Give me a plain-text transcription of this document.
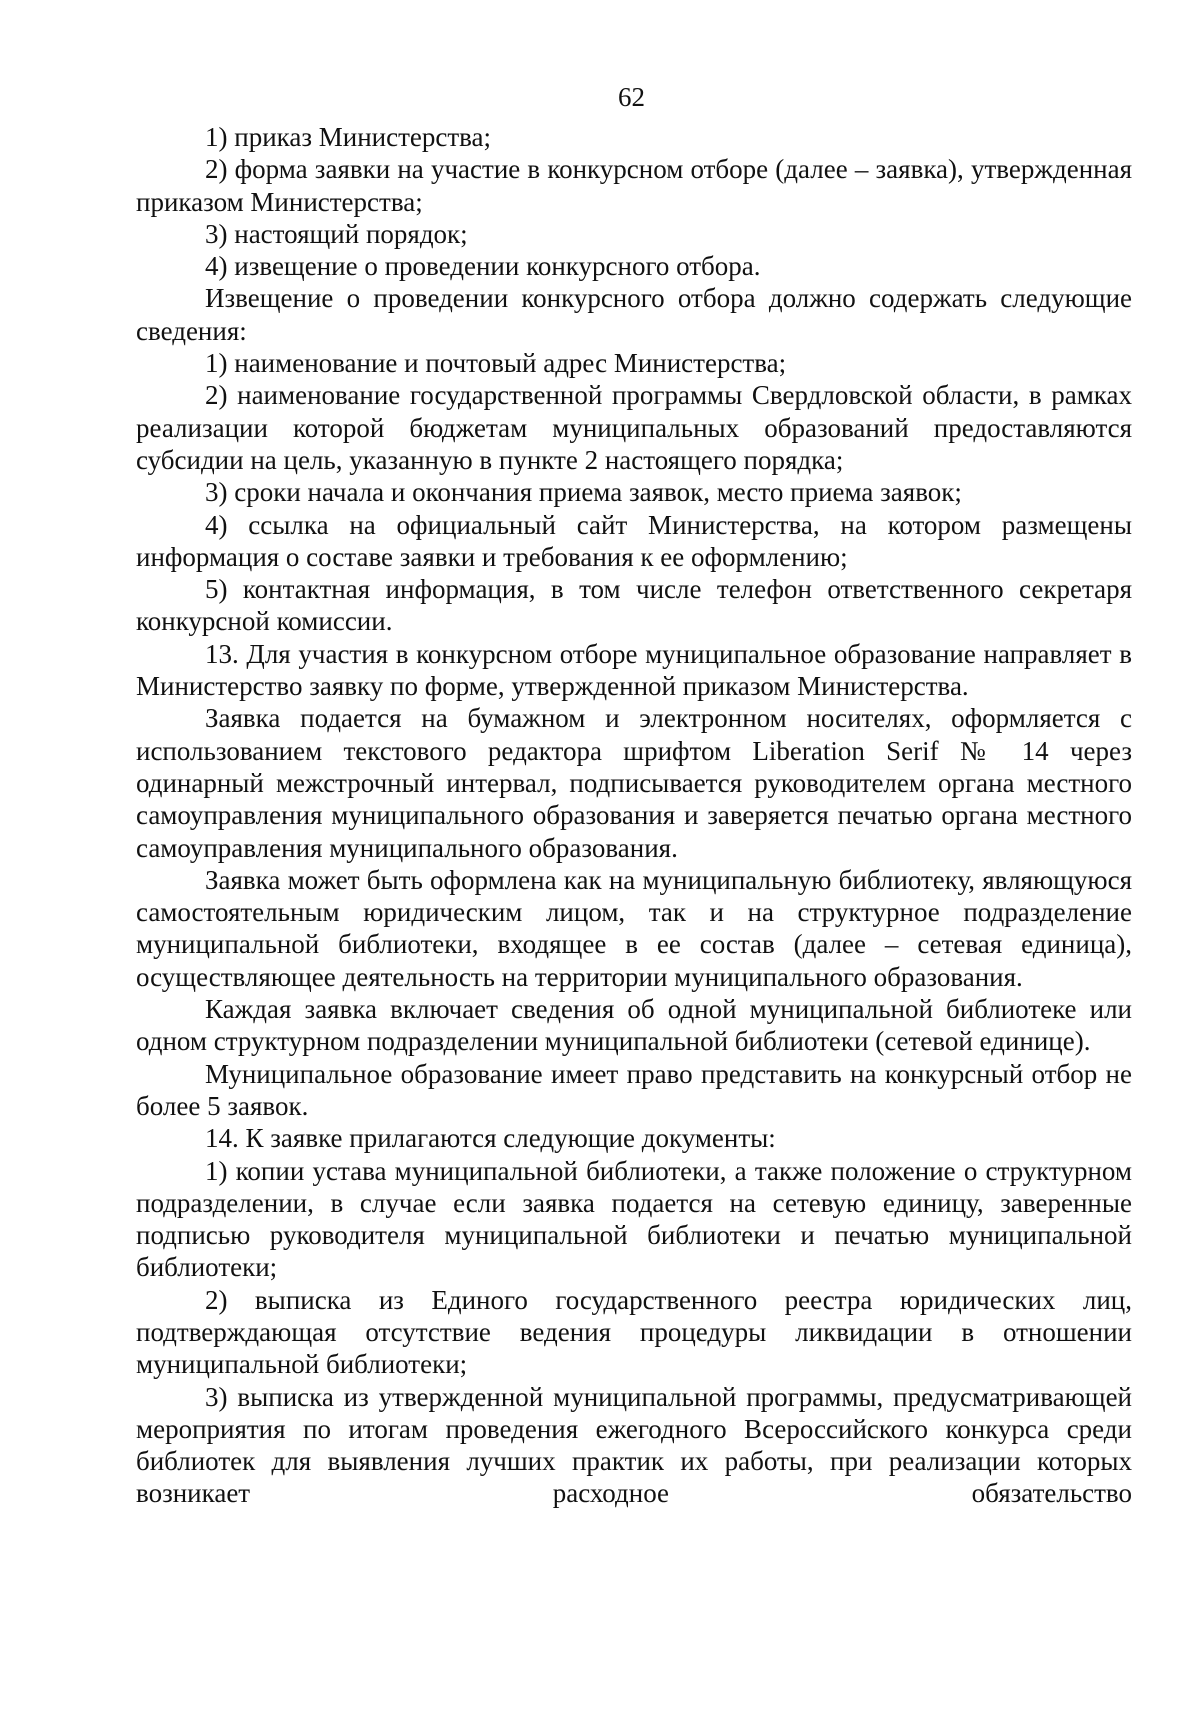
62

1) приказ Министерства;

2) форма заявки на участие в конкурсном отборе (далее – заявка), утвержденная приказом Министерства;

3) настоящий порядок;

4) извещение о проведении конкурсного отбора.

Извещение о проведении конкурсного отбора должно содержать следующие сведения:

1) наименование и почтовый адрес Министерства;

2) наименование государственной программы Свердловской области, в рамках реализации которой бюджетам муниципальных образований предоставляются субсидии на цель, указанную в пункте 2 настоящего порядка;

3) сроки начала и окончания приема заявок, место приема заявок;

4) ссылка на официальный сайт Министерства, на котором размещены информация о составе заявки и требования к ее оформлению;

5) контактная информация, в том числе телефон ответственного секретаря конкурсной комиссии.

13. Для участия в конкурсном отборе муниципальное образование направляет в Министерство заявку по форме, утвержденной приказом Министерства.

Заявка подается на бумажном и электронном носителях, оформляется с использованием текстового редактора шрифтом Liberation Serif № 14 через одинарный межстрочный интервал, подписывается руководителем органа местного самоуправления муниципального образования и заверяется печатью органа местного самоуправления муниципального образования.

Заявка может быть оформлена как на муниципальную библиотеку, являющуюся самостоятельным юридическим лицом, так и на структурное подразделение муниципальной библиотеки, входящее в ее состав (далее – сетевая единица), осуществляющее деятельность на территории муниципального образования.

Каждая заявка включает сведения об одной муниципальной библиотеке или одном структурном подразделении муниципальной библиотеки (сетевой единице).

Муниципальное образование имеет право представить на конкурсный отбор не более 5 заявок.

14. К заявке прилагаются следующие документы:

1) копии устава муниципальной библиотеки, а также положение о структурном подразделении, в случае если заявка подается на сетевую единицу, заверенные подписью руководителя муниципальной библиотеки и печатью муниципальной библиотеки;

2) выписка из Единого государственного реестра юридических лиц, подтверждающая отсутствие ведения процедуры ликвидации в отношении муниципальной библиотеки;

3) выписка из утвержденной муниципальной программы, предусматривающей мероприятия по итогам проведения ежегодного Всероссийского конкурса среди библиотек для выявления лучших практик их работы, при реализации которых возникает расходное обязательство
